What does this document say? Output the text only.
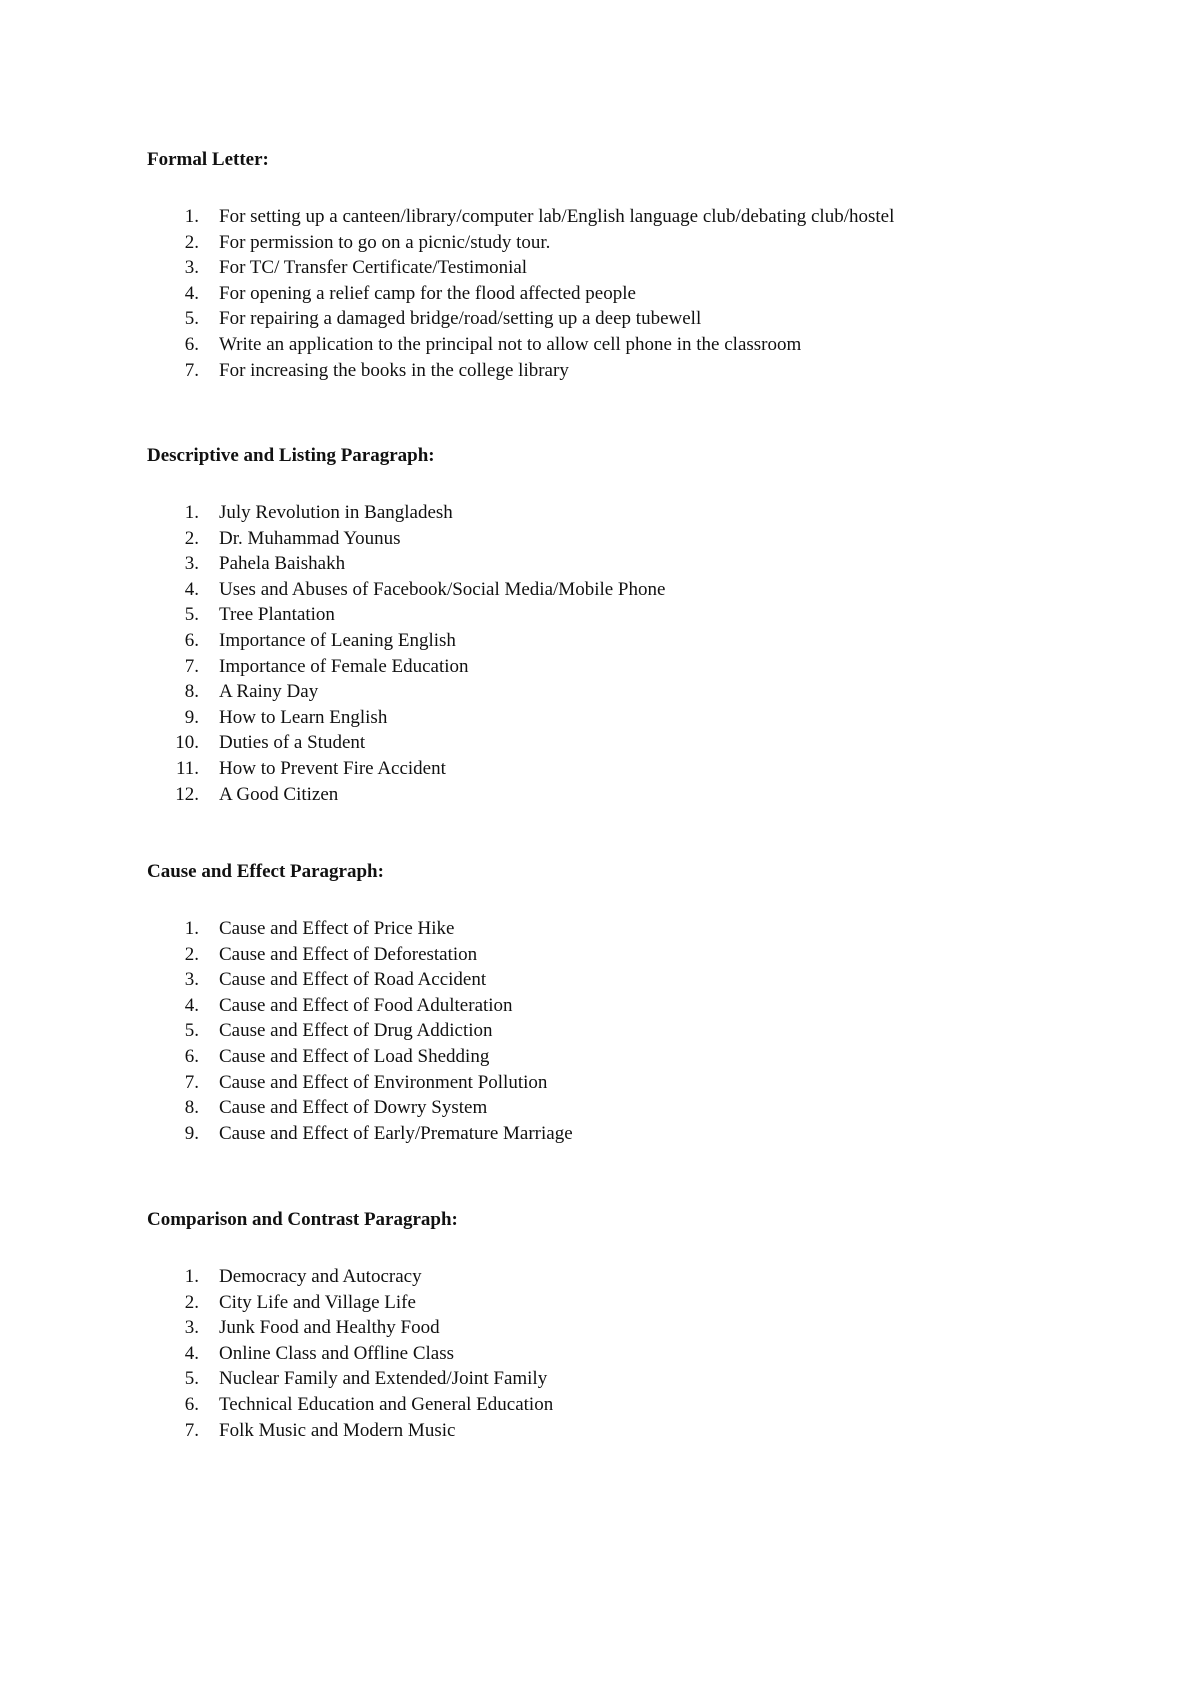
Formal Letter:
1. For setting up a canteen/library/computer lab/English language club/debating club/hostel
2. For permission to go on a picnic/study tour.
3. For TC/ Transfer Certificate/Testimonial
4. For opening a relief camp for the flood affected people
5. For repairing a damaged bridge/road/setting up a deep tubewell
6. Write an application to the principal not to allow cell phone in the classroom
7. For increasing the books in the college library
Descriptive and Listing Paragraph:
1. July Revolution in Bangladesh
2. Dr. Muhammad Younus
3. Pahela Baishakh
4. Uses and Abuses of Facebook/Social Media/Mobile Phone
5. Tree Plantation
6. Importance of Leaning English
7. Importance of Female Education
8. A Rainy Day
9. How to Learn English
10. Duties of a Student
11. How to Prevent Fire Accident
12. A Good Citizen
Cause and Effect Paragraph:
1. Cause and Effect of Price Hike
2. Cause and Effect of Deforestation
3. Cause and Effect of Road Accident
4. Cause and Effect of Food Adulteration
5. Cause and Effect of Drug Addiction
6. Cause and Effect of Load Shedding
7. Cause and Effect of Environment Pollution
8. Cause and Effect of Dowry System
9. Cause and Effect of Early/Premature Marriage
Comparison and Contrast Paragraph:
1. Democracy and Autocracy
2. City Life and Village Life
3. Junk Food and Healthy Food
4. Online Class and Offline Class
5. Nuclear Family and Extended/Joint Family
6. Technical Education and General Education
7. Folk Music and Modern Music
